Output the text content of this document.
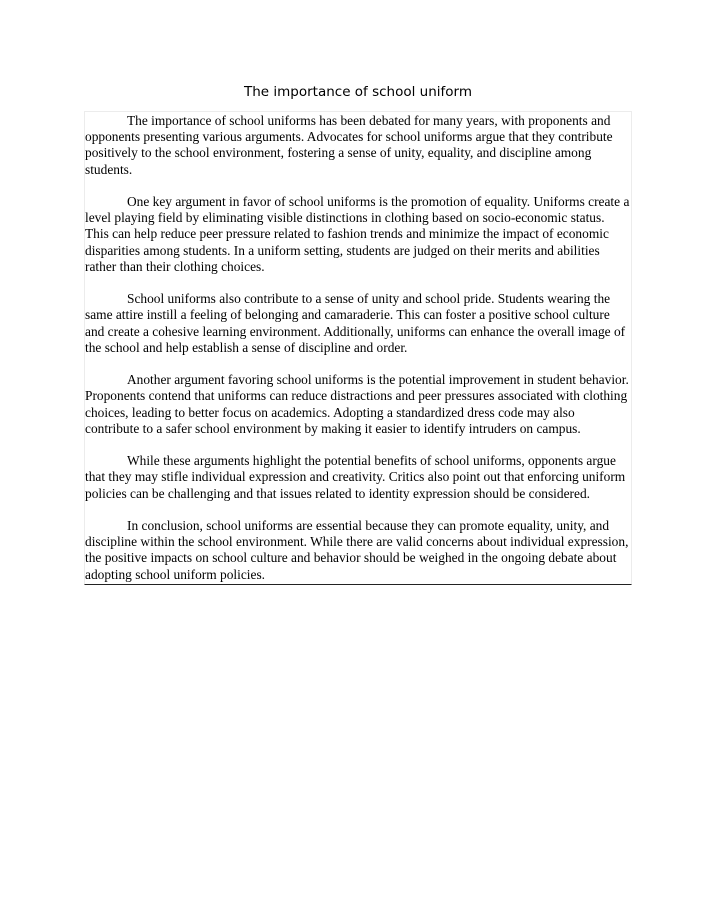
The importance of school uniform

The importance of school uniforms has been debated for many years, with proponents and opponents presenting various arguments. Advocates for school uniforms argue that they contribute positively to the school environment, fostering a sense of unity, equality, and discipline among students.

One key argument in favor of school uniforms is the promotion of equality. Uniforms create a level playing field by eliminating visible distinctions in clothing based on socio-economic status. This can help reduce peer pressure related to fashion trends and minimize the impact of economic disparities among students. In a uniform setting, students are judged on their merits and abilities rather than their clothing choices.

School uniforms also contribute to a sense of unity and school pride. Students wearing the same attire instill a feeling of belonging and camaraderie. This can foster a positive school culture and create a cohesive learning environment. Additionally, uniforms can enhance the overall image of the school and help establish a sense of discipline and order.

Another argument favoring school uniforms is the potential improvement in student behavior. Proponents contend that uniforms can reduce distractions and peer pressures associated with clothing choices, leading to better focus on academics. Adopting a standardized dress code may also contribute to a safer school environment by making it easier to identify intruders on campus.

While these arguments highlight the potential benefits of school uniforms, opponents argue that they may stifle individual expression and creativity. Critics also point out that enforcing uniform policies can be challenging and that issues related to identity expression should be considered.

In conclusion, school uniforms are essential because they can promote equality, unity, and discipline within the school environment. While there are valid concerns about individual expression, the positive impacts on school culture and behavior should be weighed in the ongoing debate about adopting school uniform policies.
